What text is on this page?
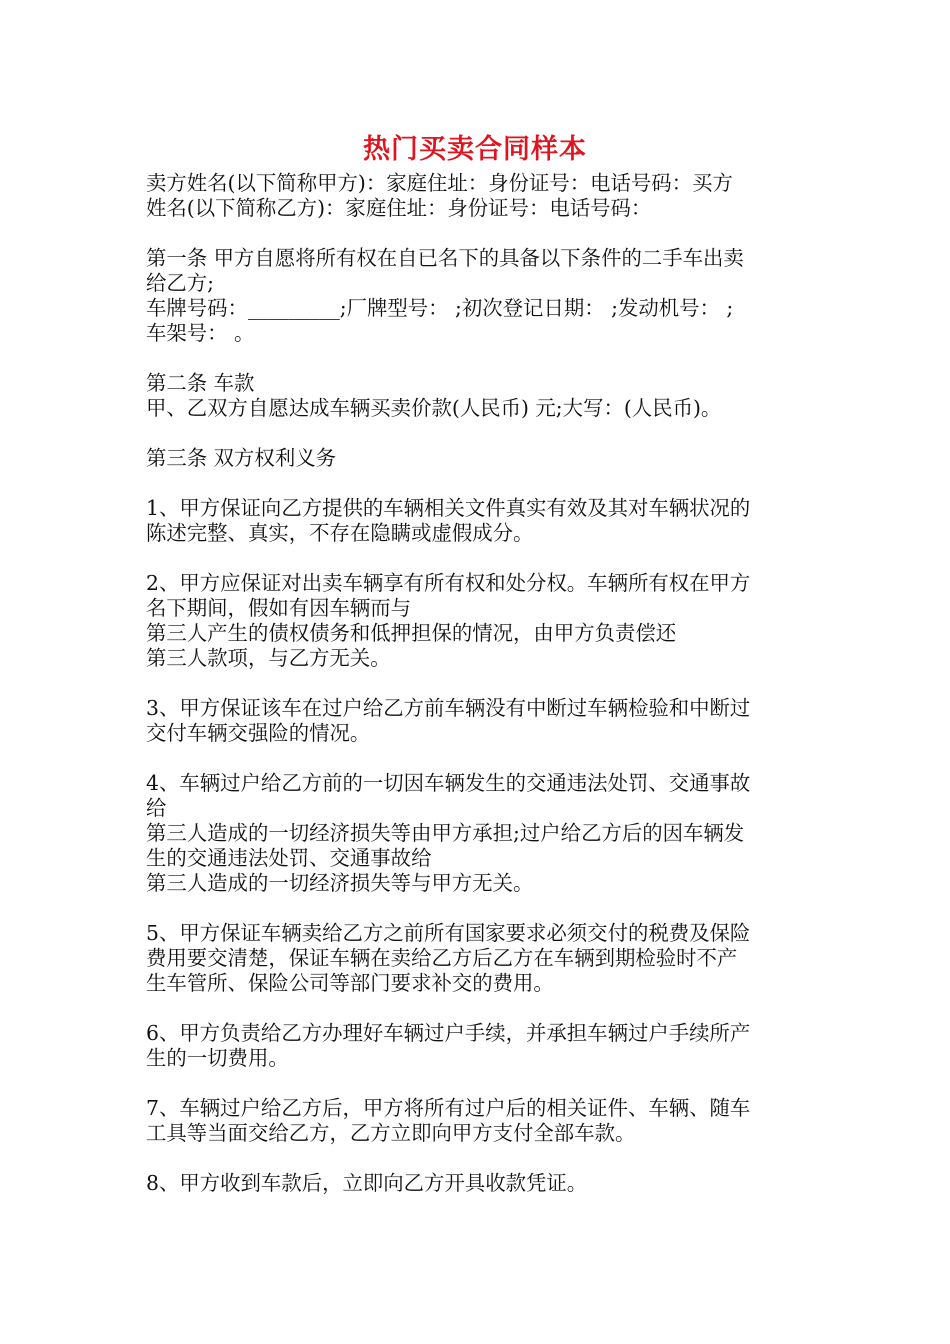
热门买卖合同样本
卖方姓名(以下简称甲方)：家庭住址：身份证号：电话号码：买方
姓名(以下简称乙方)：家庭住址：身份证号：电话号码：
第一条 甲方自愿将所有权在自已名下的具备以下条件的二手车出卖
给乙方;
车牌号码：_________;厂牌型号： ;初次登记日期： ;发动机号： ;
车架号： 。
第二条 车款
甲、乙双方自愿达成车辆买卖价款(人民币) 元;大写：(人民币)。
第三条 双方权利义务
1、甲方保证向乙方提供的车辆相关文件真实有效及其对车辆状况的
陈述完整、真实，不存在隐瞒或虚假成分。
2、甲方应保证对出卖车辆享有所有权和处分权。车辆所有权在甲方
名下期间，假如有因车辆而与
第三人产生的债权债务和低押担保的情况，由甲方负责偿还
第三人款项，与乙方无关。
3、甲方保证该车在过户给乙方前车辆没有中断过车辆检验和中断过
交付车辆交强险的情况。
4、车辆过户给乙方前的一切因车辆发生的交通违法处罚、交通事故
给
第三人造成的一切经济损失等由甲方承担;过户给乙方后的因车辆发
生的交通违法处罚、交通事故给
第三人造成的一切经济损失等与甲方无关。
5、甲方保证车辆卖给乙方之前所有国家要求必须交付的税费及保险
费用要交清楚，保证车辆在卖给乙方后乙方在车辆到期检验时不产
生车管所、保险公司等部门要求补交的费用。
6、甲方负责给乙方办理好车辆过户手续，并承担车辆过户手续所产
生的一切费用。
7、车辆过户给乙方后，甲方将所有过户后的相关证件、车辆、随车
工具等当面交给乙方，乙方立即向甲方支付全部车款。
8、甲方收到车款后，立即向乙方开具收款凭证。
